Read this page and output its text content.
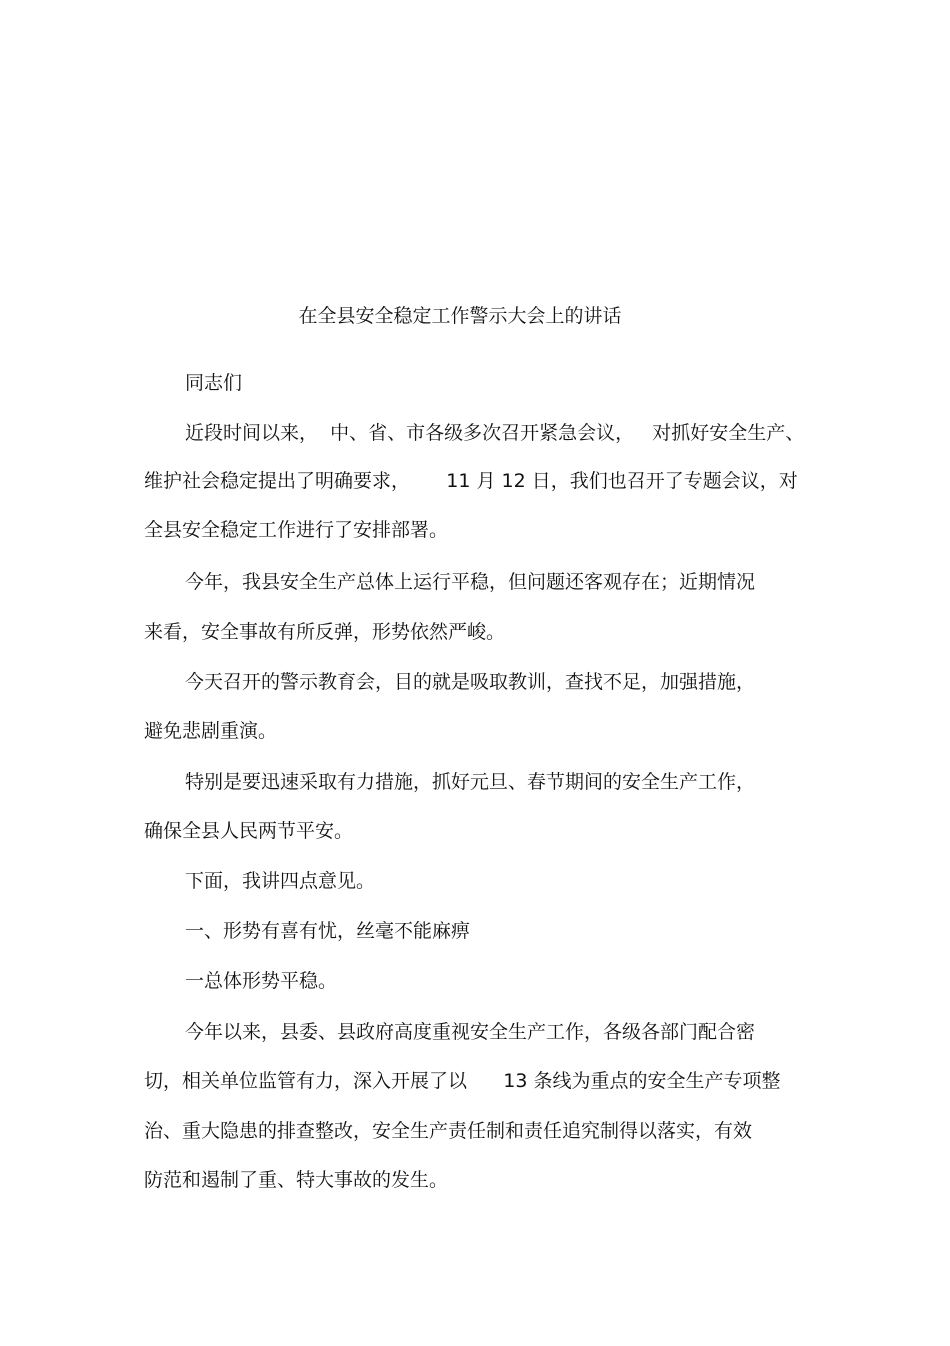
在全县安全稳定工作警示大会上的讲话
同志们
近段时间以来，  中、省、市各级多次召开紧急会议，   对抓好安全生产、
维护社会稳定提出了明确要求，      11 月 12 日，我们也召开了专题会议，对
全县安全稳定工作进行了安排部署。
今年，我县安全生产总体上运行平稳，但问题还客观存在；近期情况
来看，安全事故有所反弹，形势依然严峻。
今天召开的警示教育会，目的就是吸取教训，查找不足，加强措施，
避免悲剧重演。
特别是要迅速采取有力措施，抓好元旦、春节期间的安全生产工作，
确保全县人民两节平安。
下面，我讲四点意见。
一、形势有喜有忧，丝毫不能麻痹
一总体形势平稳。
今年以来，县委、县政府高度重视安全生产工作，各级各部门配合密
切，相关单位监管有力，深入开展了以      13 条线为重点的安全生产专项整
治、重大隐患的排查整改，安全生产责任制和责任追究制得以落实，有效
防范和遏制了重、特大事故的发生。
